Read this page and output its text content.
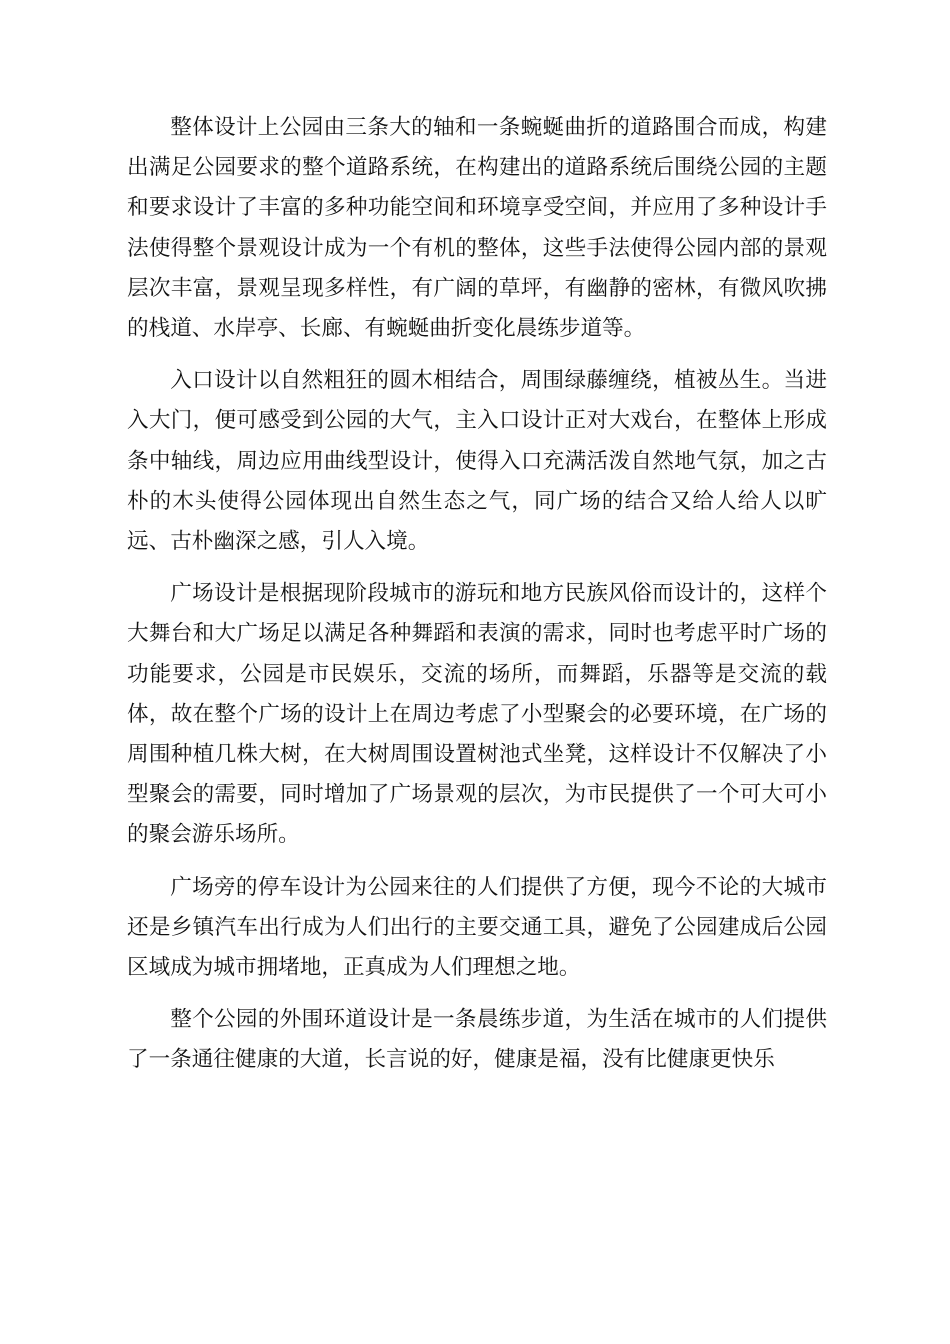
整体设计上公园由三条大的轴和一条蜿蜒曲折的道路围合而成，构建出满足公园要求的整个道路系统，在构建出的道路系统后围绕公园的主题和要求设计了丰富的多种功能空间和环境享受空间，并应用了多种设计手法使得整个景观设计成为一个有机的整体，这些手法使得公园内部的景观层次丰富，景观呈现多样性，有广阔的草坪，有幽静的密林，有微风吹拂的栈道、水岸亭、长廊、有蜿蜒曲折变化晨练步道等。

入口设计以自然粗狂的圆木相结合，周围绿藤缠绕，植被丛生。当进入大门，便可感受到公园的大气，主入口设计正对大戏台，在整体上形成条中轴线，周边应用曲线型设计，使得入口充满活泼自然地气氛，加之古朴的木头使得公园体现出自然生态之气，同广场的结合又给人给人以旷远、古朴幽深之感，引人入境。

广场设计是根据现阶段城市的游玩和地方民族风俗而设计的，这样个大舞台和大广场足以满足各种舞蹈和表演的需求，同时也考虑平时广场的功能要求，公园是市民娱乐，交流的场所，而舞蹈，乐器等是交流的载体，故在整个广场的设计上在周边考虑了小型聚会的必要环境，在广场的周围种植几株大树，在大树周围设置树池式坐凳，这样设计不仅解决了小型聚会的需要，同时增加了广场景观的层次，为市民提供了一个可大可小的聚会游乐场所。

广场旁的停车设计为公园来往的人们提供了方便，现今不论的大城市还是乡镇汽车出行成为人们出行的主要交通工具，避免了公园建成后公园区域成为城市拥堵地，正真成为人们理想之地。

整个公园的外围环道设计是一条晨练步道，为生活在城市的人们提供了一条通往健康的大道，长言说的好，健康是福，没有比健康更快乐
